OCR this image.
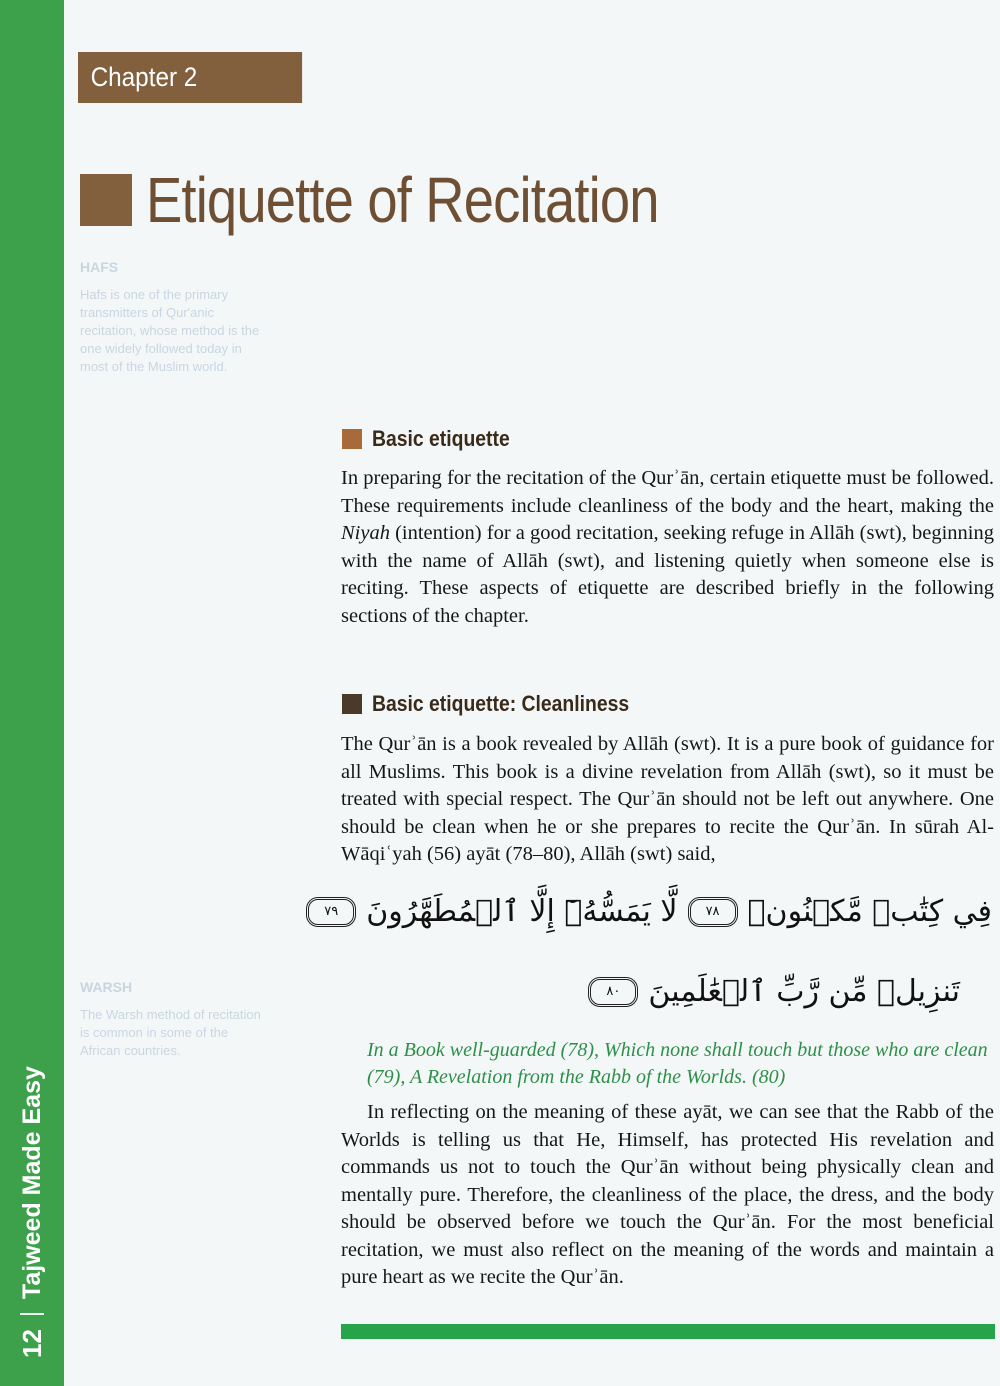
12
Tajweed Made Easy
Chapter 2
Etiquette of Recitation
HAFS
Hafs is one of the primary transmitters of Qur'anic recitation, whose method is the one widely followed today in most of the Muslim world.
WARSH
The Warsh method of recitation is common in some of the African countries.
Basic etiquette
In preparing for the recitation of the Qurʾān, certain etiquette must be followed. These requirements include cleanliness of the body and the heart, making the Niyah (intention) for a good recitation, seeking refuge in Allāh (swt), beginning with the name of Allāh (swt), and listening quietly when someone else is reciting. These aspects of etiquette are described briefly in the following sections of the chapter.
Basic etiquette: Cleanliness
The Qurʾān is a book revealed by Allāh (swt). It is a pure book of guidance for all Muslims. This book is a divine revelation from Allāh (swt), so it must be treated with special respect. The Qurʾān should not be left out anywhere. One should be clean when he or she prepares to recite the Qurʾān. In sūrah Al-Wāqiʿyah (56) ayāt (78–80), Allāh (swt) said,
فِي كِتَٰبٖ مَّكۡنُونٖ
٧٨
لَّا يَمَسُّهُۥٓ إِلَّا ٱلۡمُطَهَّرُونَ
٧٩
تَنزِيلٞ مِّن رَّبِّ ٱلۡعَٰلَمِينَ
٨٠
In a Book well-guarded (78), Which none shall touch but those who are clean (79), A Revelation from the Rabb of the Worlds. (80)
In reflecting on the meaning of these ayāt, we can see that the Rabb of the Worlds is telling us that He, Himself, has protected His revelation and commands us not to touch the Qurʾān without being physically clean and mentally pure. Therefore, the cleanliness of the place, the dress, and the body should be observed before we touch the Qurʾān. For the most beneficial recitation, we must also reflect on the meaning of the words and maintain a pure heart as we recite the Qurʾān.
